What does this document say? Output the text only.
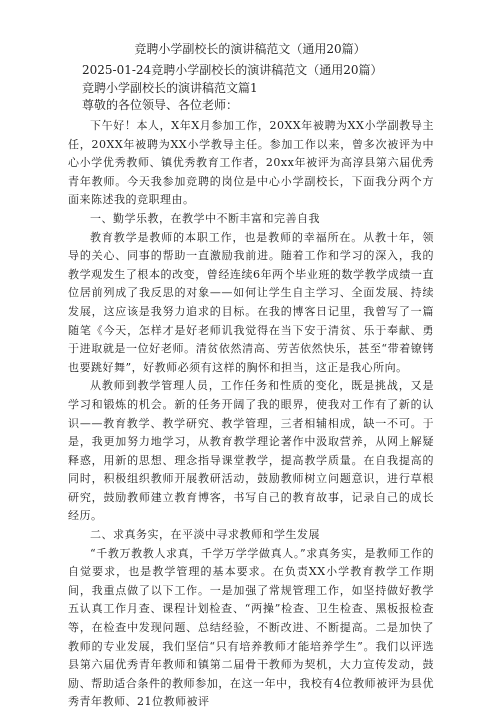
竞聘小学副校长的演讲稿范文（通用20篇）
2025-01-24竞聘小学副校长的演讲稿范文（通用20篇）
竞聘小学副校长的演讲稿范文篇1
尊敬的各位领导、各位老师：

下午好！本人，X年X月参加工作，20XX年被聘为XX小学副教导主任，20XX年被聘为XX小学教导主任。参加工作以来，曾多次被评为中心小学优秀教师、镇优秀教育工作者，20xx年被评为高淳县第六届优秀青年教师。今天我参加竞聘的岗位是中心小学副校长，下面我分两个方面来陈述我的竞职理由。

一、勤学乐教，在教学中不断丰富和完善自我

教育教学是教师的本职工作，也是教师的幸福所在。从教十年，领导的关心、同事的帮助一直激励我前进。随着工作和学习的深入，我的教学观发生了根本的改变，曾经连续6年两个毕业班的数学教学成绩一直位居前列成了我反思的对象——如何让学生自主学习、全面发展、持续发展，这应该是我努力追求的目标。在我的博客日记里，我曾写了一篇随笔《今天，怎样才是好老师讥我觉得在当下安于清贫、乐于奉献、勇于进取就是一位好老师。清贫依然清高、劳苦依然快乐，甚至“带着镣铐也要跳好舞”，好教师必须有这样的胸怀和担当，这正是我心所向。

从教师到教学管理人员，工作任务和性质的变化，既是挑战，又是学习和锻炼的机会。新的任务开阔了我的眼界，使我对工作有了新的认识——教育教学、教学研究、教学管理，三者相辅相成，缺一不可。于是，我更加努力地学习，从教育教学理论著作中汲取营养，从网上解疑释惑，用新的思想、理念指导课堂教学，提高教学质量。在自我提高的同时，积极组织教师开展教研活动，鼓励教师树立问题意识，进行草根研究，鼓励教师建立教育博客，书写自己的教育故事，记录自己的成长经历。

二、求真务实，在平淡中寻求教师和学生发展

“千教万教教人求真，千学万学学做真人。”求真务实，是教师工作的自觉要求，也是教学管理的基本要求。在负责XX小学教育教学工作期间，我重点做了以下工作。一是加强了常规管理工作，如坚持做好教学五认真工作月查、课程计划检查、“两操”检查、卫生检查、黑板报检查等，在检查中发现问题、总结经验，不断改进、不断提高。二是加快了教师的专业发展，我们坚信“只有培养教师才能培养学生”。我们以评选县第六届优秀青年教师和镇第二届骨干教师为契机，大力宣传发动，鼓励、帮助适合条件的教师参加，在这一年中，我校有4位教师被评为县优秀青年教师、21位教师被评
